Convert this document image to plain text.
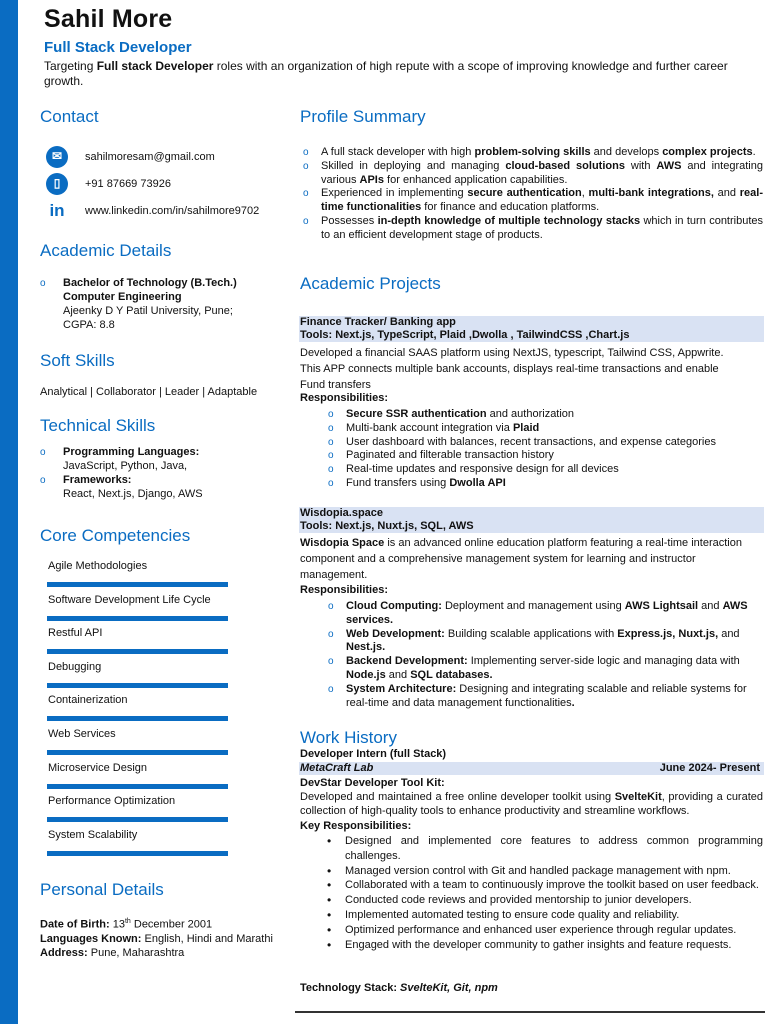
Sahil More
Full Stack Developer
Targeting Full stack Developer roles with an organization of high repute with a scope of improving knowledge and further career growth.
Contact
✉	sahilmoresam@gmail.com
▯	+91 87669 73926
in	www.linkedin.com/in/sahilmore9702
Academic Details
o Bachelor of Technology (B.Tech.)
Computer Engineering
Ajeenky D Y Patil University, Pune;
CGPA: 8.8
Soft Skills
Analytical | Collaborator | Leader | Adaptable
Technical Skills
o Programming Languages:
JavaScript, Python, Java,
o Frameworks:
React, Next.js, Django, AWS
Core Competencies
Agile Methodologies
Software Development Life Cycle
Restful API
Debugging
Containerization
Web Services
Microservice Design
Performance Optimization
System Scalability
Personal Details
Date of Birth: 13th December 2001
Languages Known: English, Hindi and Marathi
Address: Pune, Maharashtra
Profile Summary
o A full stack developer with high problem-solving skills and develops complex projects.
o Skilled in deploying and managing cloud-based solutions with AWS and integrating various APIs for enhanced application capabilities.
o Experienced in implementing secure authentication, multi-bank integrations, and real-time functionalities for finance and education platforms.
o Possesses in-depth knowledge of multiple technology stacks which in turn contributes to an efficient development stage of products.
Academic Projects
Finance Tracker/ Banking app
Tools: Next.js, TypeScript, Plaid ,Dwolla , TailwindCSS ,Chart.js
Developed a financial SAAS platform using NextJS, typescript, Tailwind CSS, Appwrite. This APP connects multiple bank accounts, displays real-time transactions and enable Fund transfers
Responsibilities:
o Secure SSR authentication and authorization
o Multi-bank account integration via Plaid
o User dashboard with balances, recent transactions, and expense categories
o Paginated and filterable transaction history
o Real-time updates and responsive design for all devices
o Fund transfers using Dwolla API
Wisdopia.space
Tools: Next.js, Nuxt.js, SQL, AWS
Wisdopia Space is an advanced online education platform featuring a real-time interaction component and a comprehensive management system for learning and instructor management.
Responsibilities:
o Cloud Computing: Deployment and management using AWS Lightsail and AWS services.
o Web Development: Building scalable applications with Express.js, Nuxt.js, and Nest.js.
o Backend Development: Implementing server-side logic and managing data with Node.js and SQL databases.
o System Architecture: Designing and integrating scalable and reliable systems for real-time and data management functionalities.
Work History
Developer Intern (full Stack)
MetaCraft Lab	June 2024- Present
DevStar Developer Tool Kit:
Developed and maintained a free online developer toolkit using SvelteKit, providing a curated collection of high-quality tools to enhance productivity and streamline workflows.
Key Responsibilities:
• Designed and implemented core features to address common programming challenges.
• Managed version control with Git and handled package management with npm.
• Collaborated with a team to continuously improve the toolkit based on user feedback.
• Conducted code reviews and provided mentorship to junior developers.
• Implemented automated testing to ensure code quality and reliability.
• Optimized performance and enhanced user experience through regular updates.
• Engaged with the developer community to gather insights and feature requests.
Technology Stack: SvelteKit, Git, npm
